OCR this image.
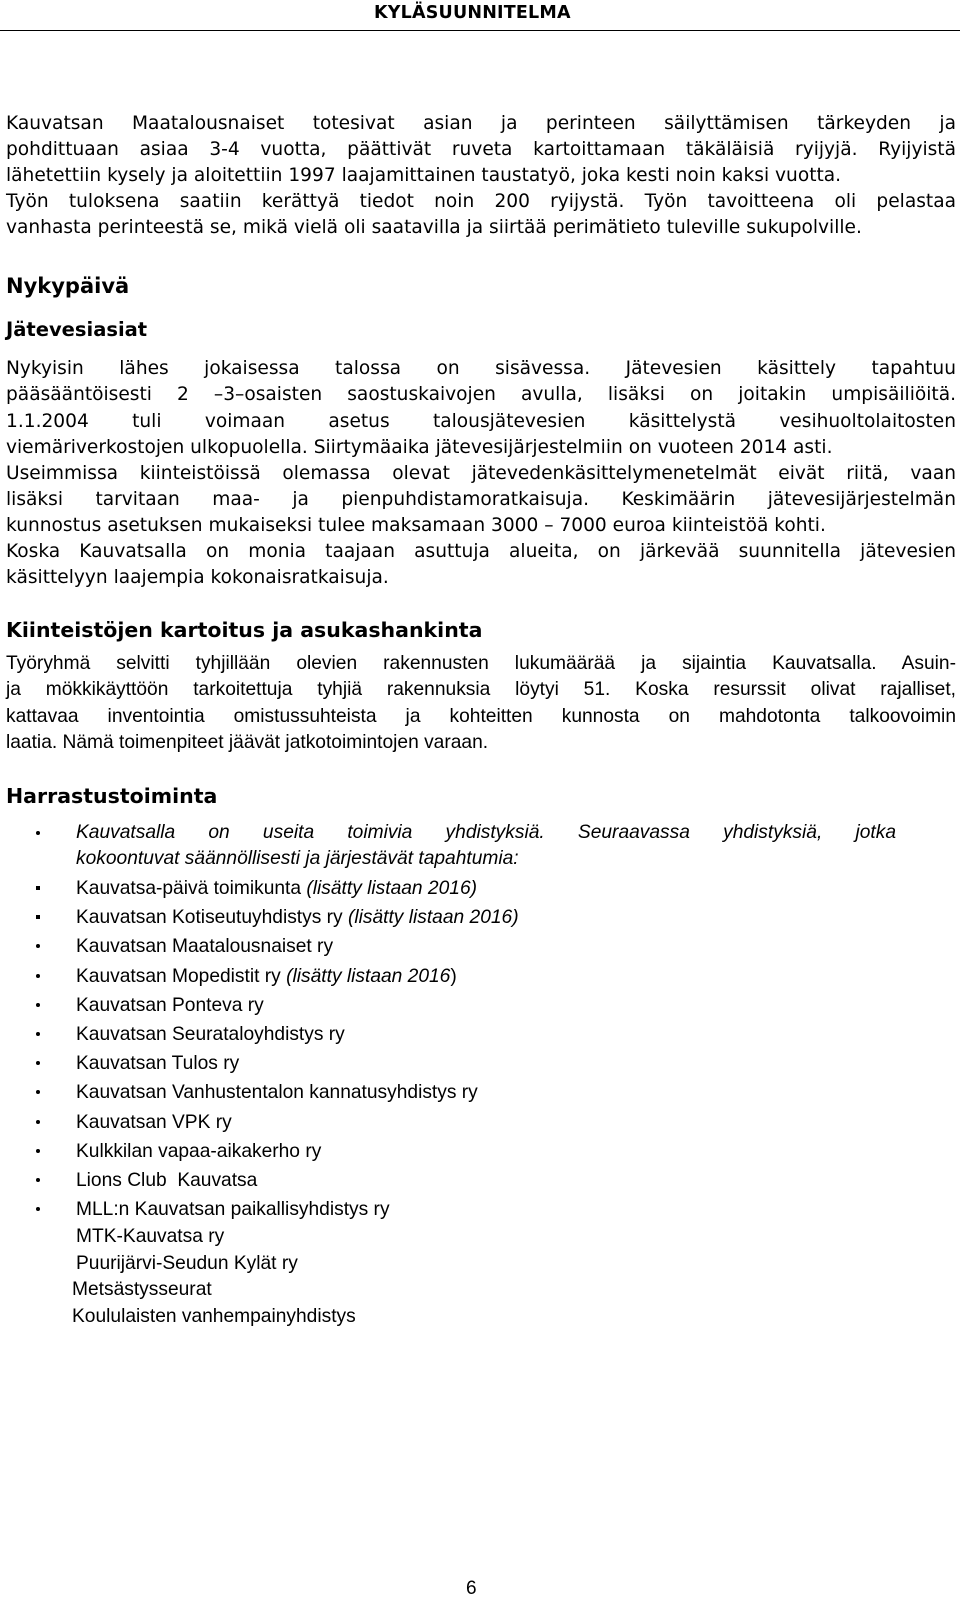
KYLÄSUUNNITELMA

Kauvatsan Maatalousnaiset totesivat asian ja perinteen säilyttämisen tärkeyden ja

pohdittuaan asiaa 3-4 vuotta, päättivät ruveta kartoittamaan täkäläisiä ryijyjä. Ryijyistä

lähetettiin kysely ja aloitettiin 1997 laajamittainen taustatyö, joka kesti noin kaksi vuotta.

Työn tuloksena saatiin kerättyä tiedot noin 200 ryijystä. Työn tavoitteena oli pelastaa

vanhasta perinteestä se, mikä vielä oli saatavilla ja siirtää perimätieto tuleville sukupolville.

Nykypäivä
Jätevesiasiat

Nykyisin lähes jokaisessa talossa on sisävessa. Jätevesien käsittely tapahtuu

pääsääntöisesti 2 –3–osaisten saostuskaivojen avulla, lisäksi on joitakin umpisäiliöitä.

1.1.2004 tuli voimaan asetus talousjätevesien käsittelystä vesihuoltolaitosten

viemäriverkostojen ulkopuolella. Siirtymäaika jätevesijärjestelmiin on vuoteen 2014 asti.

Useimmissa kiinteistöissä olemassa olevat jätevedenkäsittelymenetelmät eivät riitä, vaan

lisäksi tarvitaan maa- ja pienpuhdistamoratkaisuja. Keskimäärin jätevesijärjestelmän

kunnostus asetuksen mukaiseksi tulee maksamaan 3000 – 7000 euroa kiinteistöä kohti.

Koska Kauvatsalla on monia taajaan asuttuja alueita, on järkevää suunnitella jätevesien

käsittelyyn laajempia kokonaisratkaisuja.

Kiinteistöjen kartoitus ja asukashankinta

Työryhmä selvitti tyhjillään olevien rakennusten lukumäärää ja sijaintia Kauvatsalla. Asuin-

ja mökkikäyttöön tarkoitettuja tyhjiä rakennuksia löytyi 51. Koska resurssit olivat rajalliset,

kattavaa inventointia omistussuhteista ja kohteitten kunnosta on mahdotonta talkoovoimin

laatia. Nämä toimenpiteet jäävät jatkotoimintojen varaan.

Harrastustoiminta
Kauvatsalla on useita toimivia yhdistyksiä. Seuraavassa yhdistyksiä, jotka
kokoontuvat säännöllisesti ja järjestävät tapahtumia:
Kauvatsa-päivä toimikunta (lisätty listaan 2016)
Kauvatsan Kotiseutuyhdistys ry (lisätty listaan 2016)
Kauvatsan Maatalousnaiset ry
Kauvatsan Mopedistit ry (lisätty listaan 2016)
Kauvatsan Ponteva ry
Kauvatsan Seurataloyhdistys ry
Kauvatsan Tulos ry
Kauvatsan Vanhustentalon kannatusyhdistys ry
Kauvatsan VPK ry
Kulkkilan vapaa-aikakerho ry
Lions Club  Kauvatsa
MLL:n Kauvatsan paikallisyhdistys ry
MTK-Kauvatsa ry
Puurijärvi-Seudun Kylät ry
Metsästysseurat
Koululaisten vanhempainyhdistys
6
